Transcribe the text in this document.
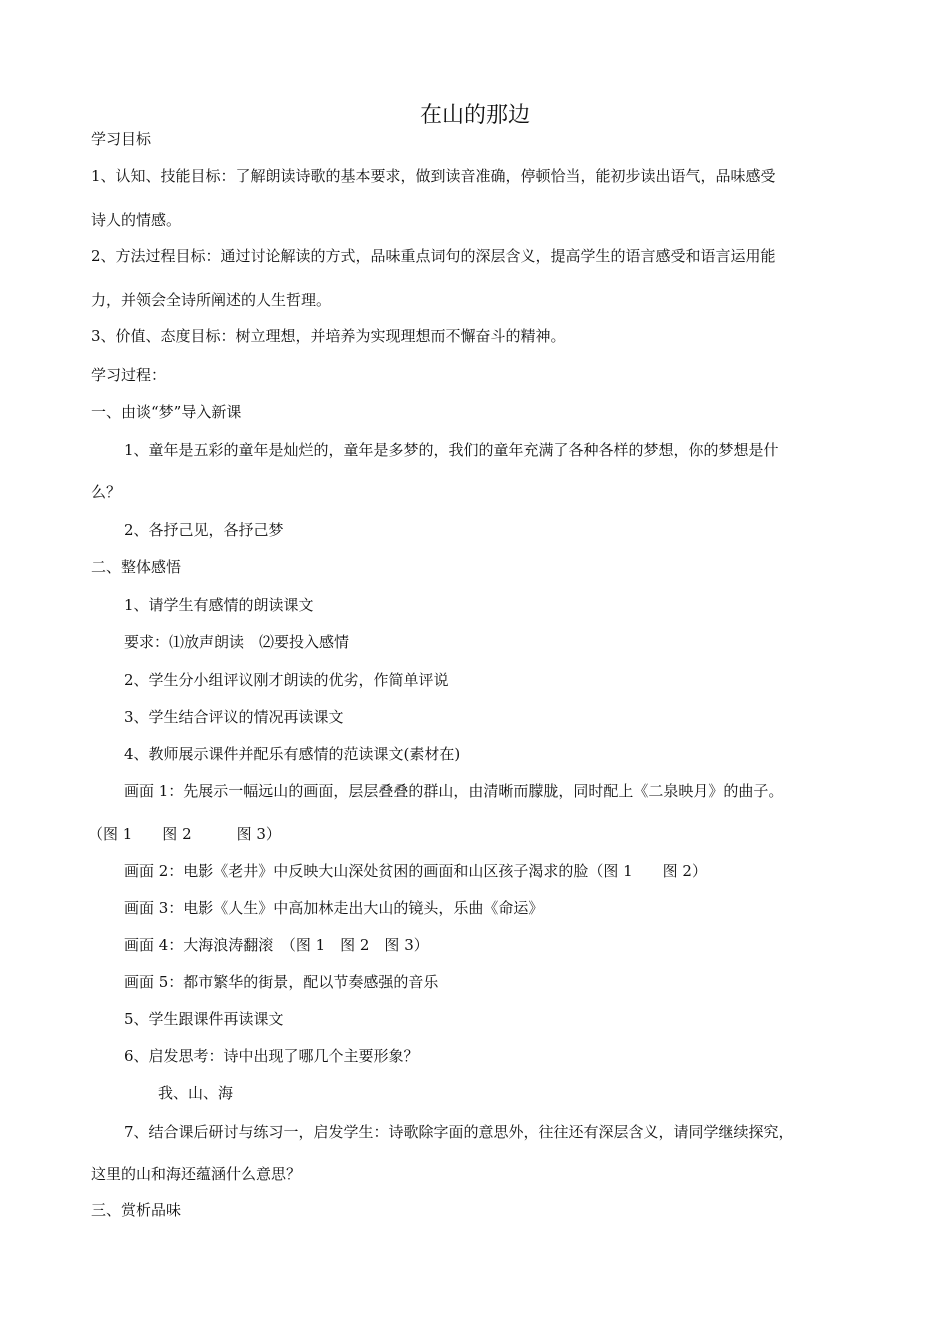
在山的那边
学习目标
1、认知、技能目标：了解朗读诗歌的基本要求，做到读音准确，停顿恰当，能初步读出语气，品味感受
诗人的情感。
2、方法过程目标：通过讨论解读的方式，品味重点词句的深层含义，提高学生的语言感受和语言运用能
力，并领会全诗所阐述的人生哲理。
3、价值、态度目标：树立理想，并培养为实现理想而不懈奋斗的精神。
学习过程：
一、由谈“梦”导入新课
1、童年是五彩的童年是灿烂的，童年是多梦的，我们的童年充满了各种各样的梦想，你的梦想是什
么？
2、各抒己见，各抒己梦
二、整体感悟
1、请学生有感情的朗读课文
要求：⑴放声朗读　⑵要投入感情
2、学生分小组评议刚才朗读的优劣，作简单评说
3、学生结合评议的情况再读课文
4、教师展示课件并配乐有感情的范读课文(素材在)
画面 1：先展示一幅远山的画面，层层叠叠的群山，由清晰而朦胧，同时配上《二泉映月》的曲子。
（图 1　　图 2　　　图 3）
画面 2：电影《老井》中反映大山深处贫困的画面和山区孩子渴求的脸（图 1　　图 2）
画面 3：电影《人生》中高加林走出大山的镜头，乐曲《命运》
画面 4：大海浪涛翻滚　（图 1　图 2　图 3）
画面 5：都市繁华的街景，配以节奏感强的音乐
5、学生跟课件再读课文
6、启发思考：诗中出现了哪几个主要形象？
我、山、海
7、结合课后研讨与练习一，启发学生：诗歌除字面的意思外，往往还有深层含义，请同学继续探究，
这里的山和海还蕴涵什么意思？
三、赏析品味
